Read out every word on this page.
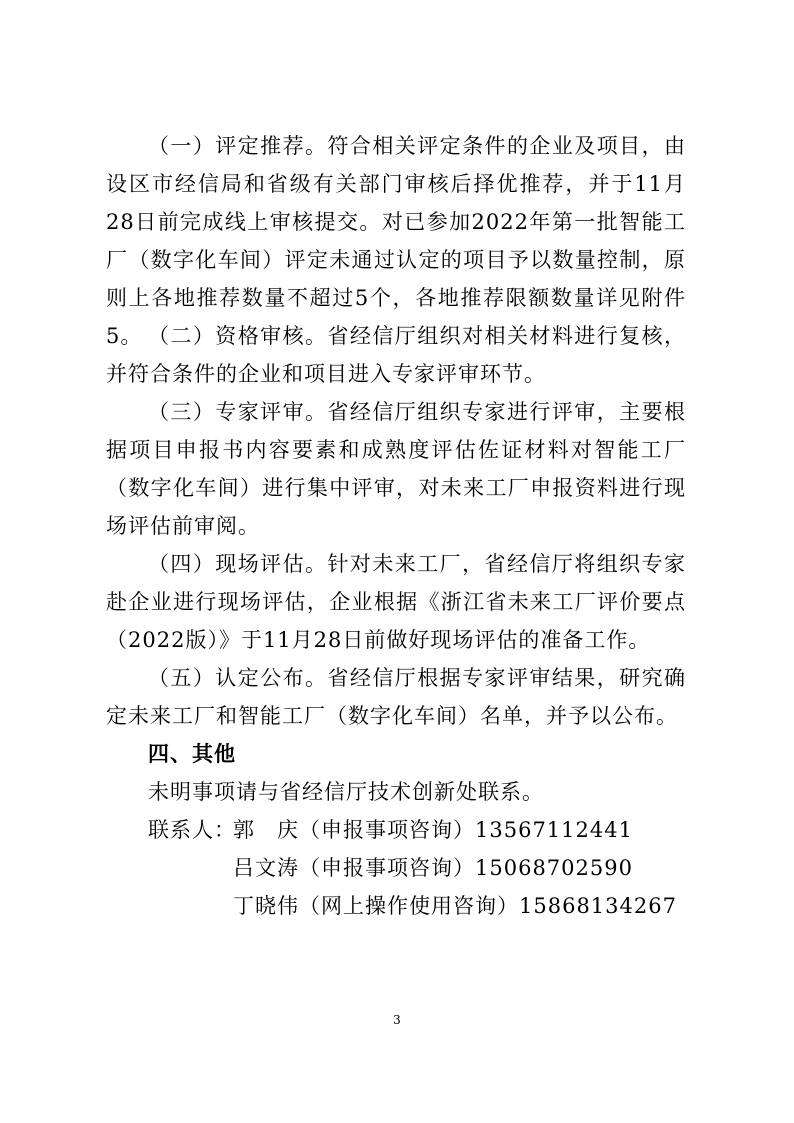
（一）评定推荐。符合相关评定条件的企业及项目，由设区市经信局和省级有关部门审核后择优推荐，并于11月28日前完成线上审核提交。对已参加2022年第一批智能工厂（数字化车间）评定未通过认定的项目予以数量控制，原则上各地推荐数量不超过5个，各地推荐限额数量详见附件5。 （二）资格审核。省经信厅组织对相关材料进行复核，并符合条件的企业和项目进入专家评审环节。

（三）专家评审。省经信厅组织专家进行评审，主要根据项目申报书内容要素和成熟度评估佐证材料对智能工厂（数字化车间）进行集中评审，对未来工厂申报资料进行现场评估前审阅。

（四）现场评估。针对未来工厂，省经信厅将组织专家赴企业进行现场评估，企业根据《浙江省未来工厂评价要点（2022版）》于11月28日前做好现场评估的准备工作。

（五）认定公布。省经信厅根据专家评审结果，研究确定未来工厂和智能工厂（数字化车间）名单，并予以公布。

四、其他

未明事项请与省经信厅技术创新处联系。

联系人：
郭　庆（申报事项咨询）13567112441
吕文涛（申报事项咨询）15068702590
丁晓伟（网上操作使用咨询）15868134267
3
